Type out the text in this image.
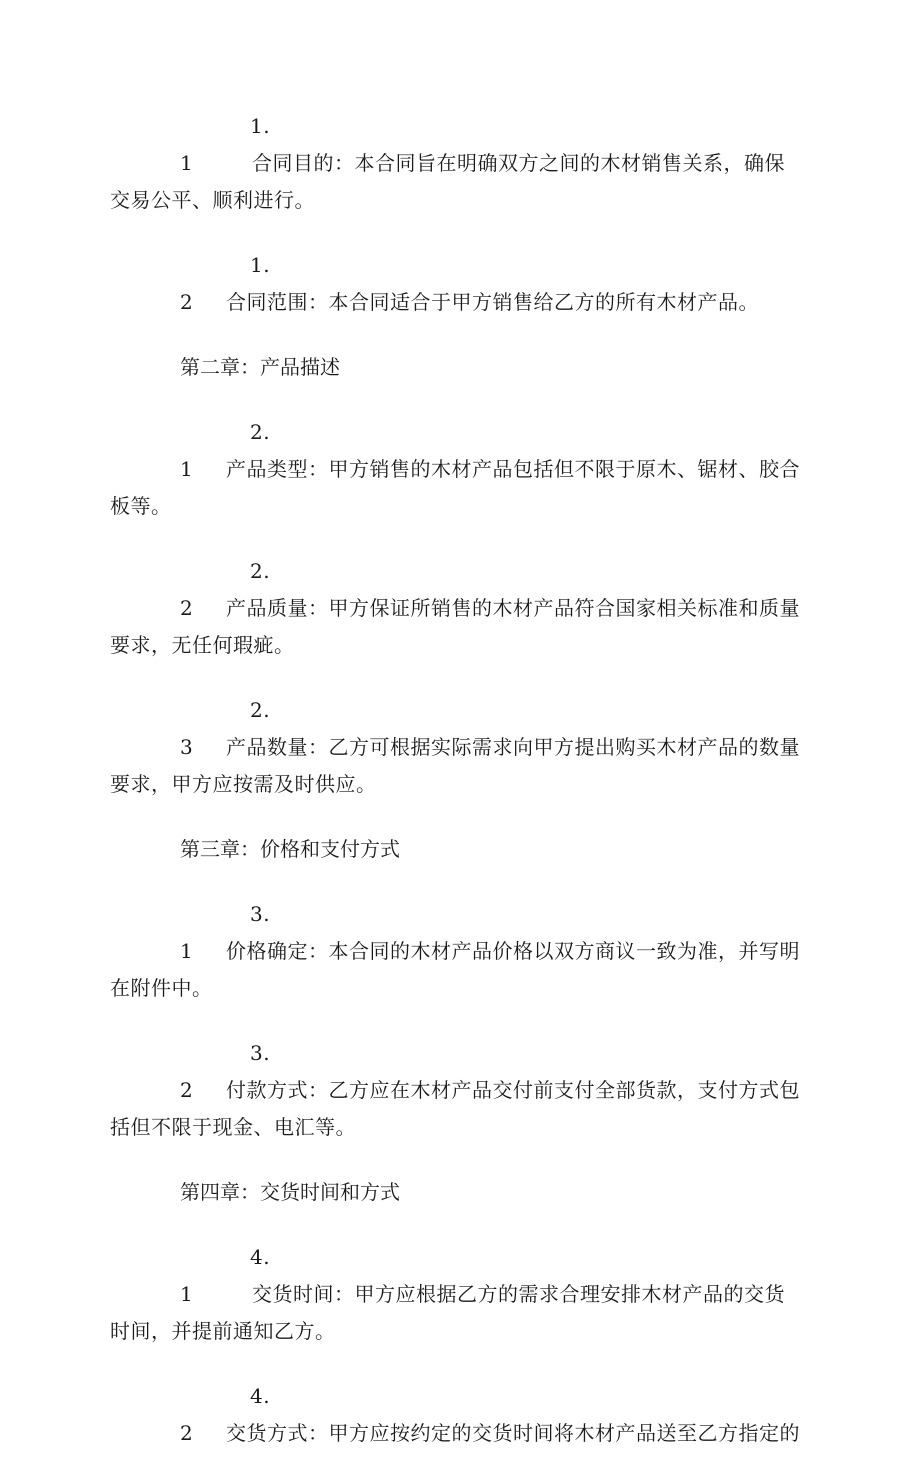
1.1	合同目的：本合同旨在明确双方之间的木材销售关系，确保交易公平、顺利进行。

1.2 合同范围：本合同适合于甲方销售给乙方的所有木材产品。

第二章：产品描述

2.1 产品类型：甲方销售的木材产品包括但不限于原木、锯材、胶合板等。

2.2 产品质量：甲方保证所销售的木材产品符合国家相关标准和质量要求，无任何瑕疵。

2.3 产品数量：乙方可根据实际需求向甲方提出购买木材产品的数量要求，甲方应按需及时供应。

第三章：价格和支付方式

3.1 价格确定：本合同的木材产品价格以双方商议一致为准，并写明在附件中。

3.2 付款方式：乙方应在木材产品交付前支付全部货款，支付方式包括但不限于现金、电汇等。

第四章：交货时间和方式

4.1	交货时间：甲方应根据乙方的需求合理安排木材产品的交货时间，并提前通知乙方。

4.2 交货方式：甲方应按约定的交货时间将木材产品送至乙方指定的
